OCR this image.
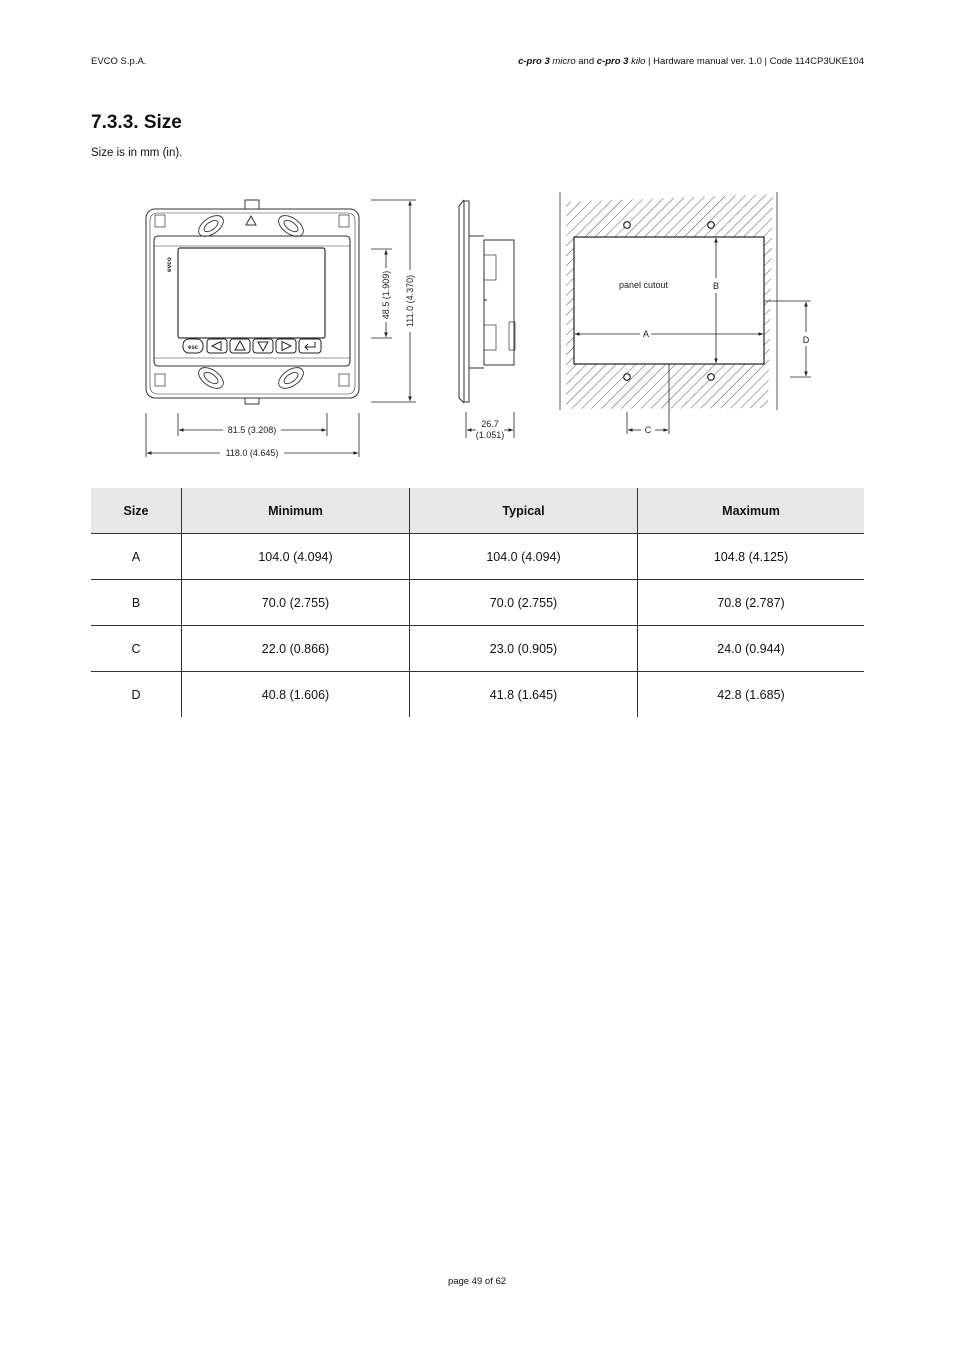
EVCO S.p.A.	c-pro 3 micro and c-pro 3 kilo | Hardware manual ver. 1.0 | Code 114CP3UKE104
7.3.3. Size
Size is in mm (in).
esc
evco
81.5 (3.208)
118.0 (4.645)
48.5 (1.909) 111.0 (4.370)
26.7
(1.051)
panel cutout
A
B
C
D
Size	Minimum	Typical	Maximum
A	104.0 (4.094)	104.0 (4.094)	104.8 (4.125)
B	70.0 (2.755)	70.0 (2.755)	70.8 (2.787)
C	22.0 (0.866)	23.0 (0.905)	24.0 (0.944)
D	40.8 (1.606)	41.8 (1.645)	42.8 (1.685)
page 49 of 62
